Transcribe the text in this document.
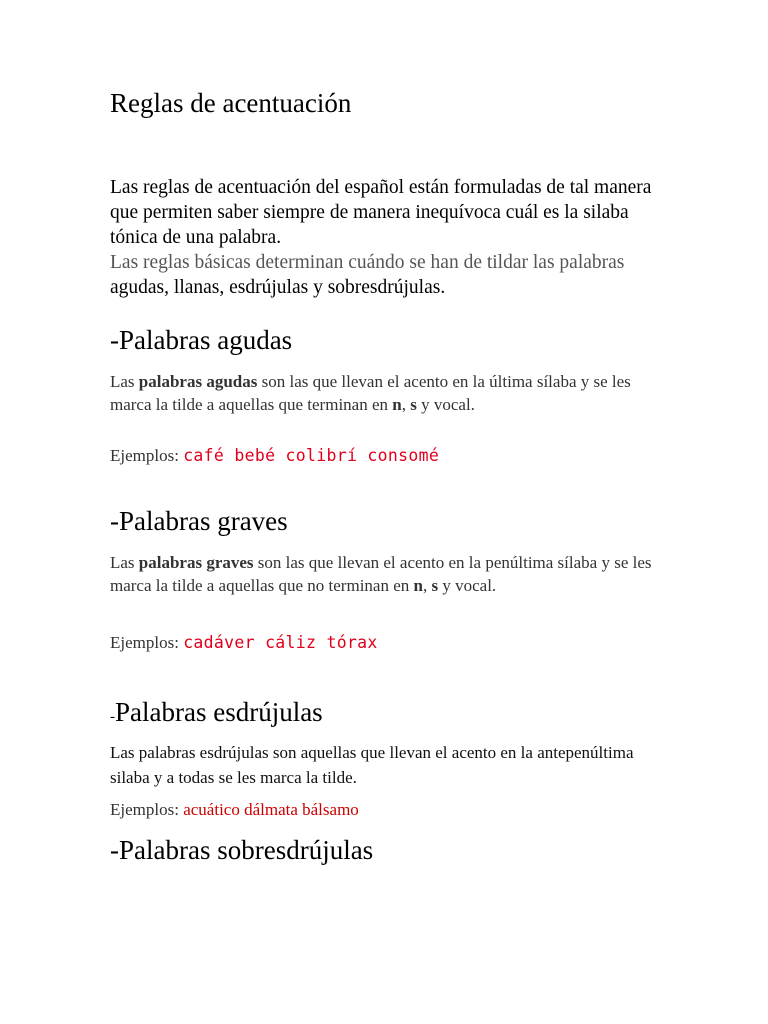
Reglas de acentuación

Las reglas de acentuación del español están formuladas de tal manera que permiten saber siempre de manera inequívoca cuál es la silaba tónica de una palabra.
Las reglas básicas determinan cuándo se han de tildar las palabras agudas, llanas, esdrújulas y sobresdrújulas.

-Palabras agudas

Las palabras agudas son las que llevan el acento en la última sílaba y se les marca la tilde a aquellas que terminan en n, s y vocal.

Ejemplos: café bebé colibrí consomé

-Palabras graves

Las palabras graves son las que llevan el acento en la penúltima sílaba y se les marca la tilde a aquellas que no terminan en n, s y vocal.

Ejemplos: cadáver cáliz tórax

-Palabras esdrújulas

Las palabras esdrújulas son aquellas que llevan el acento en la antepenúltima silaba y a todas se les marca la tilde.

Ejemplos: acuático dálmata bálsamo

-Palabras sobresdrújulas
